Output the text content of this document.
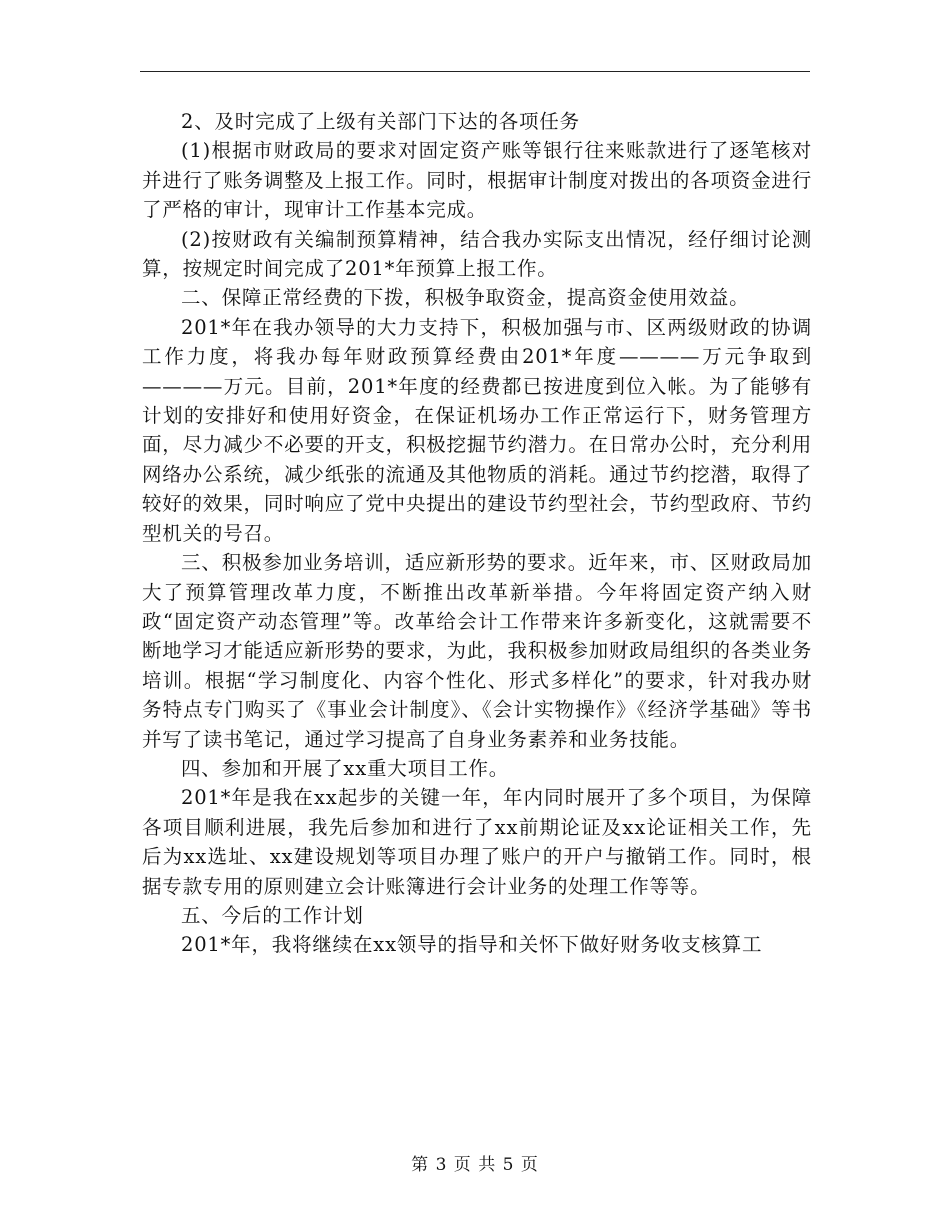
2、及时完成了上级有关部门下达的各项任务

(1)根据市财政局的要求对固定资产账等银行往来账款进行了逐笔核对并进行了账务调整及上报工作。同时，根据审计制度对拨出的各项资金进行了严格的审计，现审计工作基本完成。

(2)按财政有关编制预算精神，结合我办实际支出情况，经仔细讨论测算，按规定时间完成了201*年预算上报工作。

二、保障正常经费的下拨，积极争取资金，提高资金使用效益。

201*年在我办领导的大力支持下，积极加强与市、区两级财政的协调工作力度，将我办每年财政预算经费由201*年度————万元争取到————万元。目前，201*年度的经费都已按进度到位入帐。为了能够有计划的安排好和使用好资金，在保证机场办工作正常运行下，财务管理方面，尽力减少不必要的开支，积极挖掘节约潜力。在日常办公时，充分利用网络办公系统，减少纸张的流通及其他物质的消耗。通过节约挖潜，取得了较好的效果，同时响应了党中央提出的建设节约型社会，节约型政府、节约型机关的号召。

三、积极参加业务培训，适应新形势的要求。近年来，市、区财政局加大了预算管理改革力度，不断推出改革新举措。今年将固定资产纳入财政“固定资产动态管理”等。改革给会计工作带来许多新变化，这就需要不断地学习才能适应新形势的要求，为此，我积极参加财政局组织的各类业务培训。根据“学习制度化、内容个性化、形式多样化”的要求，针对我办财务特点专门购买了《事业会计制度》、《会计实物操作》《经济学基础》等书并写了读书笔记，通过学习提高了自身业务素养和业务技能。

四、参加和开展了xx重大项目工作。

201*年是我在xx起步的关键一年，年内同时展开了多个项目，为保障各项目顺利进展，我先后参加和进行了xx前期论证及xx论证相关工作，先后为xx选址、xx建设规划等项目办理了账户的开户与撤销工作。同时，根据专款专用的原则建立会计账簿进行会计业务的处理工作等等。

五、今后的工作计划

201*年，我将继续在xx领导的指导和关怀下做好财务收支核算工

第 3 页 共 5 页
